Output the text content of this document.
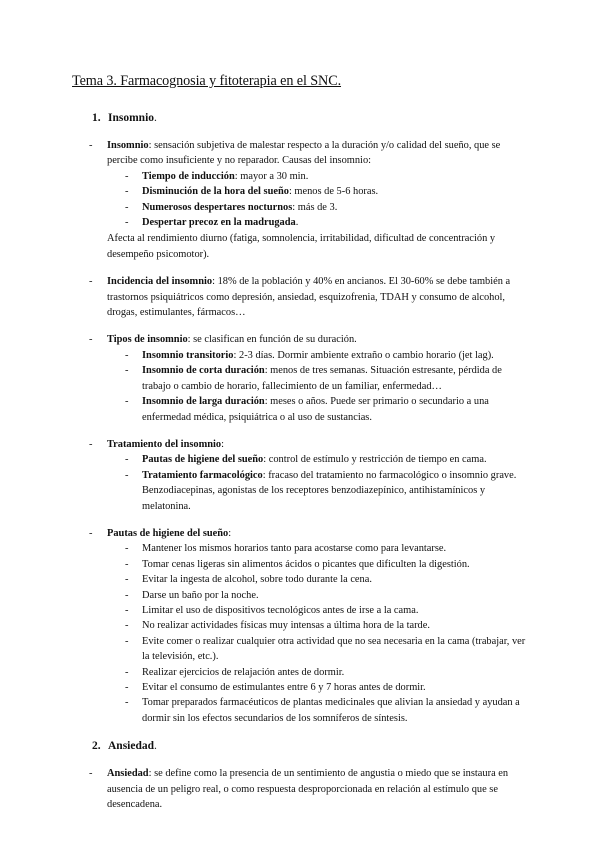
Tema 3. Farmacognosia y fitoterapia en el SNC.
1. Insomnio.
- Insomnio: sensación subjetiva de malestar respecto a la duración y/o calidad del sueño, que se percibe como insuficiente y no reparador. Causas del insomnio:
- Tiempo de inducción: mayor a 30 min.
- Disminución de la hora del sueño: menos de 5-6 horas.
- Numerosos despertares nocturnos: más de 3.
- Despertar precoz en la madrugada.
Afecta al rendimiento diurno (fatiga, somnolencia, irritabilidad, dificultad de concentración y desempeño psicomotor).
- Incidencia del insomnio: 18% de la población y 40% en ancianos. El 30-60% se debe también a trastornos psiquiátricos como depresión, ansiedad, esquizofrenia, TDAH y consumo de alcohol, drogas, estimulantes, fármacos…
- Tipos de insomnio: se clasifican en función de su duración.
- Insomnio transitorio: 2-3 días. Dormir ambiente extraño o cambio horario (jet lag).
- Insomnio de corta duración: menos de tres semanas. Situación estresante, pérdida de trabajo o cambio de horario, fallecimiento de un familiar, enfermedad…
- Insomnio de larga duración: meses o años. Puede ser primario o secundario a una enfermedad médica, psiquiátrica o al uso de sustancias.
- Tratamiento del insomnio:
- Pautas de higiene del sueño: control de estímulo y restricción de tiempo en cama.
- Tratamiento farmacológico: fracaso del tratamiento no farmacológico o insomnio grave. Benzodiacepinas, agonistas de los receptores benzodiazepínico, antihistamínicos y melatonina.
- Pautas de higiene del sueño:
- Mantener los mismos horarios tanto para acostarse como para levantarse.
- Tomar cenas ligeras sin alimentos ácidos o picantes que dificulten la digestión.
- Evitar la ingesta de alcohol, sobre todo durante la cena.
- Darse un baño por la noche.
- Limitar el uso de dispositivos tecnológicos antes de irse a la cama.
- No realizar actividades físicas muy intensas a última hora de la tarde.
- Evite comer o realizar cualquier otra actividad que no sea necesaria en la cama (trabajar, ver la televisión, etc.).
- Realizar ejercicios de relajación antes de dormir.
- Evitar el consumo de estimulantes entre 6 y 7 horas antes de dormir.
- Tomar preparados farmacéuticos de plantas medicinales que alivian la ansiedad y ayudan a dormir sin los efectos secundarios de los somníferos de síntesis.
2. Ansiedad.
- Ansiedad: se define como la presencia de un sentimiento de angustia o miedo que se instaura en ausencia de un peligro real, o como respuesta desproporcionada en relación al estímulo que se desencadena.
